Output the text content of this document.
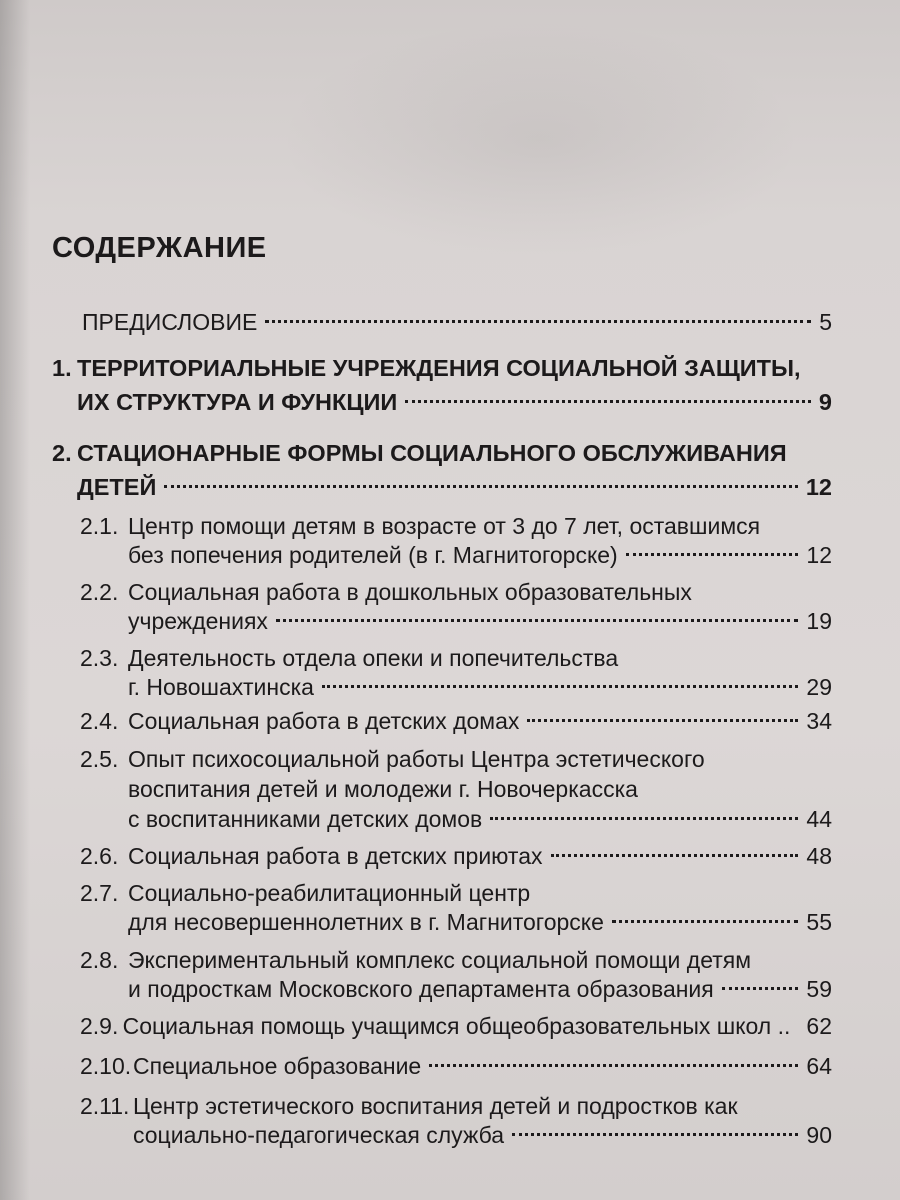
СОДЕРЖАНИЕ
ПРЕДИСЛОВИЕ	5
1. ТЕРРИТОРИАЛЬНЫЕ УЧРЕЖДЕНИЯ СОЦИАЛЬНОЙ ЗАЩИТЫ,
ИХ СТРУКТУРА И ФУНКЦИИ	9
2. СТАЦИОНАРНЫЕ ФОРМЫ СОЦИАЛЬНОГО ОБСЛУЖИВАНИЯ
ДЕТЕЙ	12
2.1. Центр помощи детям в возрасте от 3 до 7 лет, оставшимся
без попечения родителей (в г. Магнитогорске)	12
2.2. Социальная работа в дошкольных образовательных
учреждениях	19
2.3. Деятельность отдела опеки и попечительства
г. Новошахтинска	29
2.4. Социальная работа в детских домах	34
2.5. Опыт психосоциальной работы Центра эстетического
воспитания детей и молодежи г. Новочеркасска
с воспитанниками детских домов	44
2.6. Социальная работа в детских приютах	48
2.7. Социально-реабилитационный центр
для несовершеннолетних в г. Магнитогорске	55
2.8. Экспериментальный комплекс социальной помощи детям
и подросткам Московского департамента образования	59
2.9. Социальная помощь учащимся общеобразовательных школ .. 62
2.10. Специальное образование	64
2.11. Центр эстетического воспитания детей и подростков как
социально-педагогическая служба	90
